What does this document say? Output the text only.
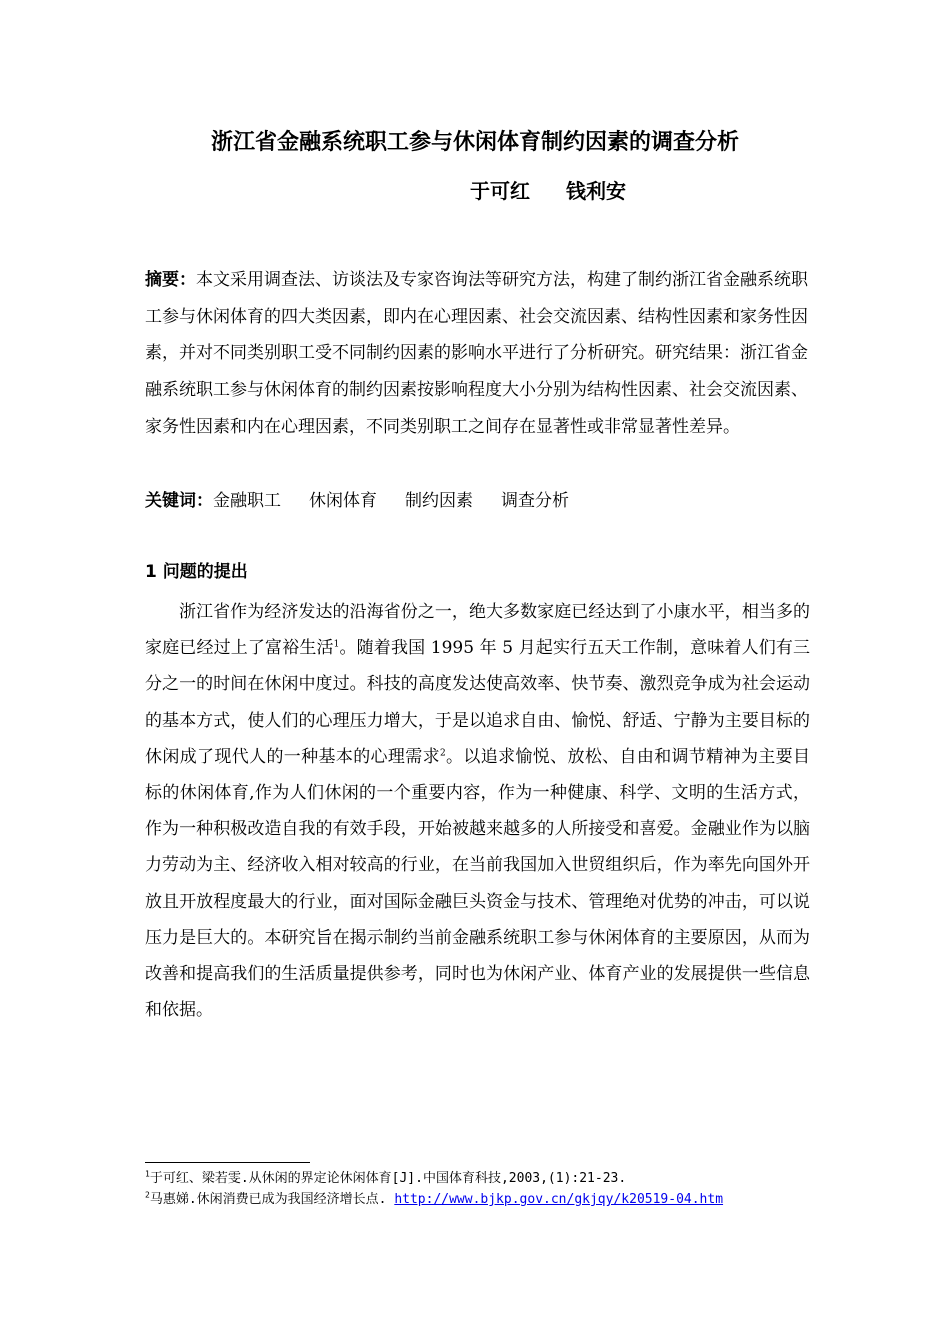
浙江省金融系统职工参与休闲体育制约因素的调查分析
于可红 钱利安
摘要：本文采用调查法、访谈法及专家咨询法等研究方法，构建了制约浙江省金融系统职工参与休闲体育的四大类因素，即内在心理因素、社会交流因素、结构性因素和家务性因素，并对不同类别职工受不同制约因素的影响水平进行了分析研究。研究结果：浙江省金融系统职工参与休闲体育的制约因素按影响程度大小分别为结构性因素、社会交流因素、家务性因素和内在心理因素，不同类别职工之间存在显著性或非常显著性差异。
关键词：金融职工 休闲体育 制约因素 调查分析
1 问题的提出
浙江省作为经济发达的沿海省份之一，绝大多数家庭已经达到了小康水平，相当多的家庭已经过上了富裕生活$^1$。随着我国 1995 年 5 月起实行五天工作制，意味着人们有三分之一的时间在休闲中度过。科技的高度发达使高效率、快节奏、激烈竞争成为社会运动的基本方式，使人们的心理压力增大，于是以追求自由、愉悦、舒适、宁静为主要目标的休闲成了现代人的一种基本的心理需求$^2$。以追求愉悦、放松、自由和调节精神为主要目标的休闲体育,作为人们休闲的一个重要内容，作为一种健康、科学、文明的生活方式，作为一种积极改造自我的有效手段，开始被越来越多的人所接受和喜爱。金融业作为以脑力劳动为主、经济收入相对较高的行业，在当前我国加入世贸组织后，作为率先向国外开放且开放程度最大的行业，面对国际金融巨头资金与技术、管理绝对优势的冲击，可以说压力是巨大的。本研究旨在揭示制约当前金融系统职工参与休闲体育的主要原因，从而为改善和提高我们的生活质量提供参考，同时也为休闲产业、体育产业的发展提供一些信息和依据。
$^1$于可红、梁若雯.从休闲的界定论休闲体育[J].中国体育科技,2003,(1):21-23.
$^2$马惠娣.休闲消费已成为我国经济增长点. http://www.bjkp.gov.cn/gkjqy/k20519-04.htm
